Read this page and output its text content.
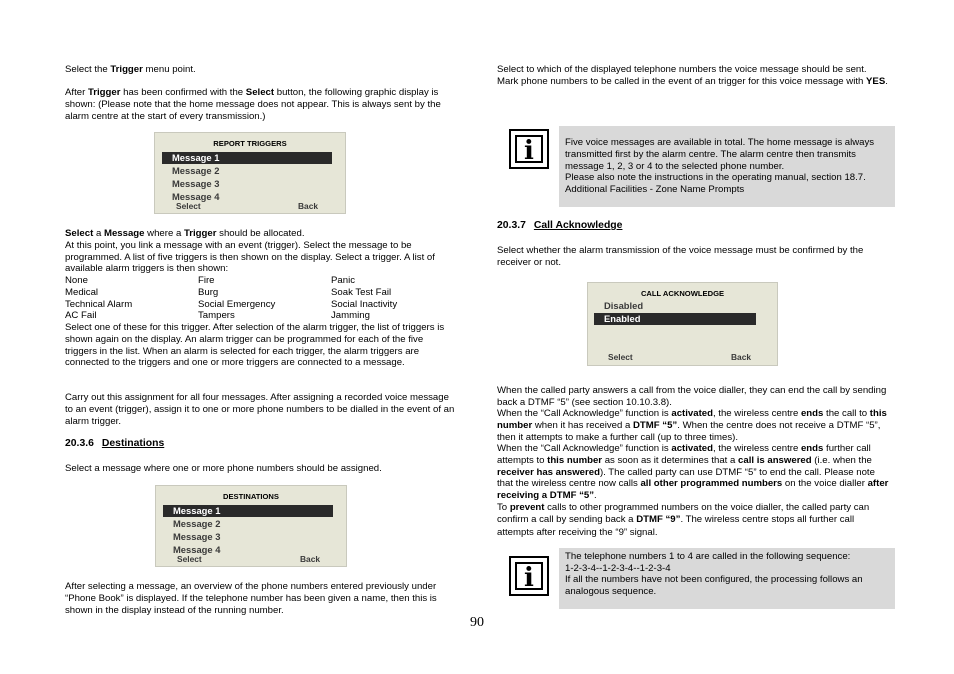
Select the Trigger menu point.

After Trigger has been confirmed with the Select button, the following graphic display is shown: (Please note that the home message does not appear. This is always sent by the alarm centre at the start of every transmission.)

REPORT TRIGGERS
Message 1
Message 2
Message 3
Message 4
Select	Back

Select a Message where a Trigger should be allocated.
At this point, you link a message with an event (trigger). Select the message to be programmed. A list of five triggers is then shown on the display. Select a trigger. A list of available alarm triggers is then shown:

None	Fire	Panic
Medical	Burg	Soak Test Fail
Technical Alarm	Social Emergency	Social Inactivity
AC Fail	Tampers	Jamming

Select one of these for this trigger. After selection of the alarm trigger, the list of triggers is shown again on the display. An alarm trigger can be programmed for each of the five triggers in the list. When an alarm is selected for each trigger, the alarm triggers are connected to the triggers and one or more triggers are connected to a message.

Carry out this assignment for all four messages. After assigning a recorded voice message to an event (trigger), assign it to one or more phone numbers to be dialled in the event of an alarm trigger.

20.3.6 Destinations

Select a message where one or more phone numbers should be assigned.

DESTINATIONS
Message 1
Message 2
Message 3
Message 4
Select	Back

After selecting a message, an overview of the phone numbers entered previously under “Phone Book” is displayed. If the telephone number has been given a name, then this is shown in the display instead of the running number.

Select to which of the displayed telephone numbers the voice message should be sent. Mark phone numbers to be called in the event of an trigger for this voice message with YES.

i	Five voice messages are available in total. The home message is always transmitted first by the alarm centre. The alarm centre then transmits message 1, 2, 3 or 4 to the selected phone number.

Please also note the instructions in the operating manual, section 18.7. Additional Facilities - Zone Name Prompts

20.3.7 Call Acknowledge

Select whether the alarm transmission of the voice message must be confirmed by the receiver or not.

CALL ACKNOWLEDGE
Disabled
Enabled
Select	Back

When the called party answers a call from the voice dialler, they can end the call by sending back a DTMF “5” (see section 10.10.3.8).

When the “Call Acknowledge” function is activated, the wireless centre ends the call to this number when it has received a DTMF “5”. When the centre does not receive a DTMF “5”, then it attempts to make a further call (up to three times).

When the “Call Acknowledge” function is activated, the wireless centre ends further call attempts to this number as soon as it determines that a call is answered (i.e. when the receiver has answered). The called party can use DTMF “5” to end the call. Please note that the wireless centre now calls all other programmed numbers on the voice dialler after receiving a DTMF “5”.

To prevent calls to other programmed numbers on the voice dialler, the called party can confirm a call by sending back a DTMF “9”. The wireless centre stops all further call attempts after receiving the “9” signal.

i

The telephone numbers 1 to 4 are called in the following sequence:

1-2-3-4--1-2-3-4--1-2-3-4

If all the numbers have not been configured, the processing follows an analogous sequence.

90
